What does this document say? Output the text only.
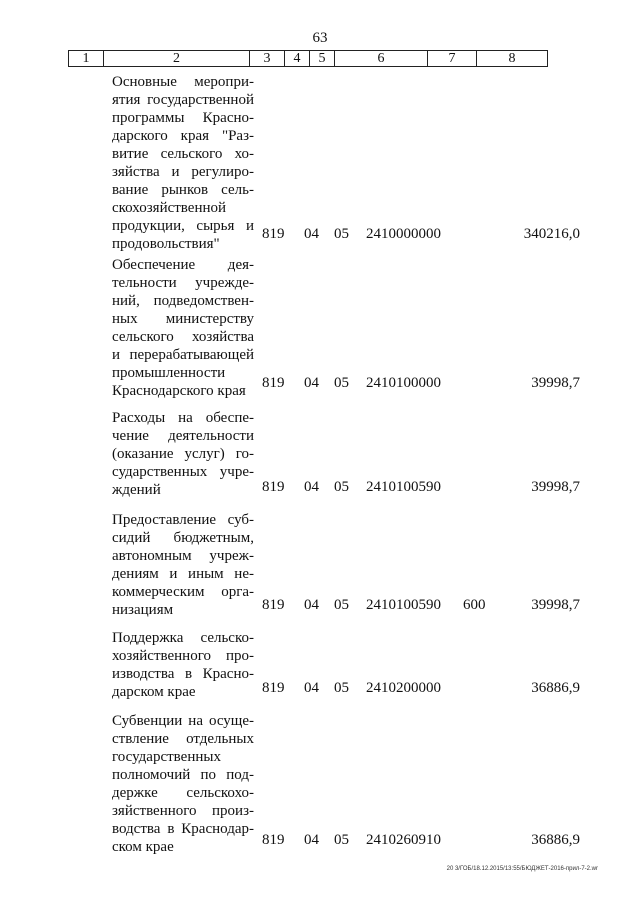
63
1	2	3	4	5	6	7	8
Основные меропри-
ятия государственной
программы Красно-
дарского края "Раз-
витие сельского хо-
зяйства и регулиро-
вание рынков сель-
скохозяйственной
продукции, сырья и
продовольствия"
819 04 05 2410000000	340216,0
Обеспечение дея-
тельности учрежде-
ний, подведомствен-
ных министерству
сельского хозяйства
и перерабатывающей
промышленности
Краснодарского края	819 04 05 2410100000	39998,7
Расходы на обеспе-
чение деятельности
(оказание услуг) го-
сударственных учре-
ждений	819 04 05 2410100590	39998,7
Предоставление суб-
сидий бюджетным,
автономным учреж-
дениям и иным не-
коммерческим орга-
низациям	819 04 05 2410100590 600	39998,7
Поддержка сельско-
хозяйственного про-
изводства в Красно-
дарском крае	819 04 05 2410200000	36886,9
Субвенции на осуще-
ствление отдельных
государственных
полномочий по под-
держке сельскохо-
зяйственного произ-
водства в Краснодар-
ском крае	819 04 05 2410260910	36886,9
20 3/ГОБ/18.12.2015/13:55/БЮДЖЕТ-2016-прил-7-2.wr
